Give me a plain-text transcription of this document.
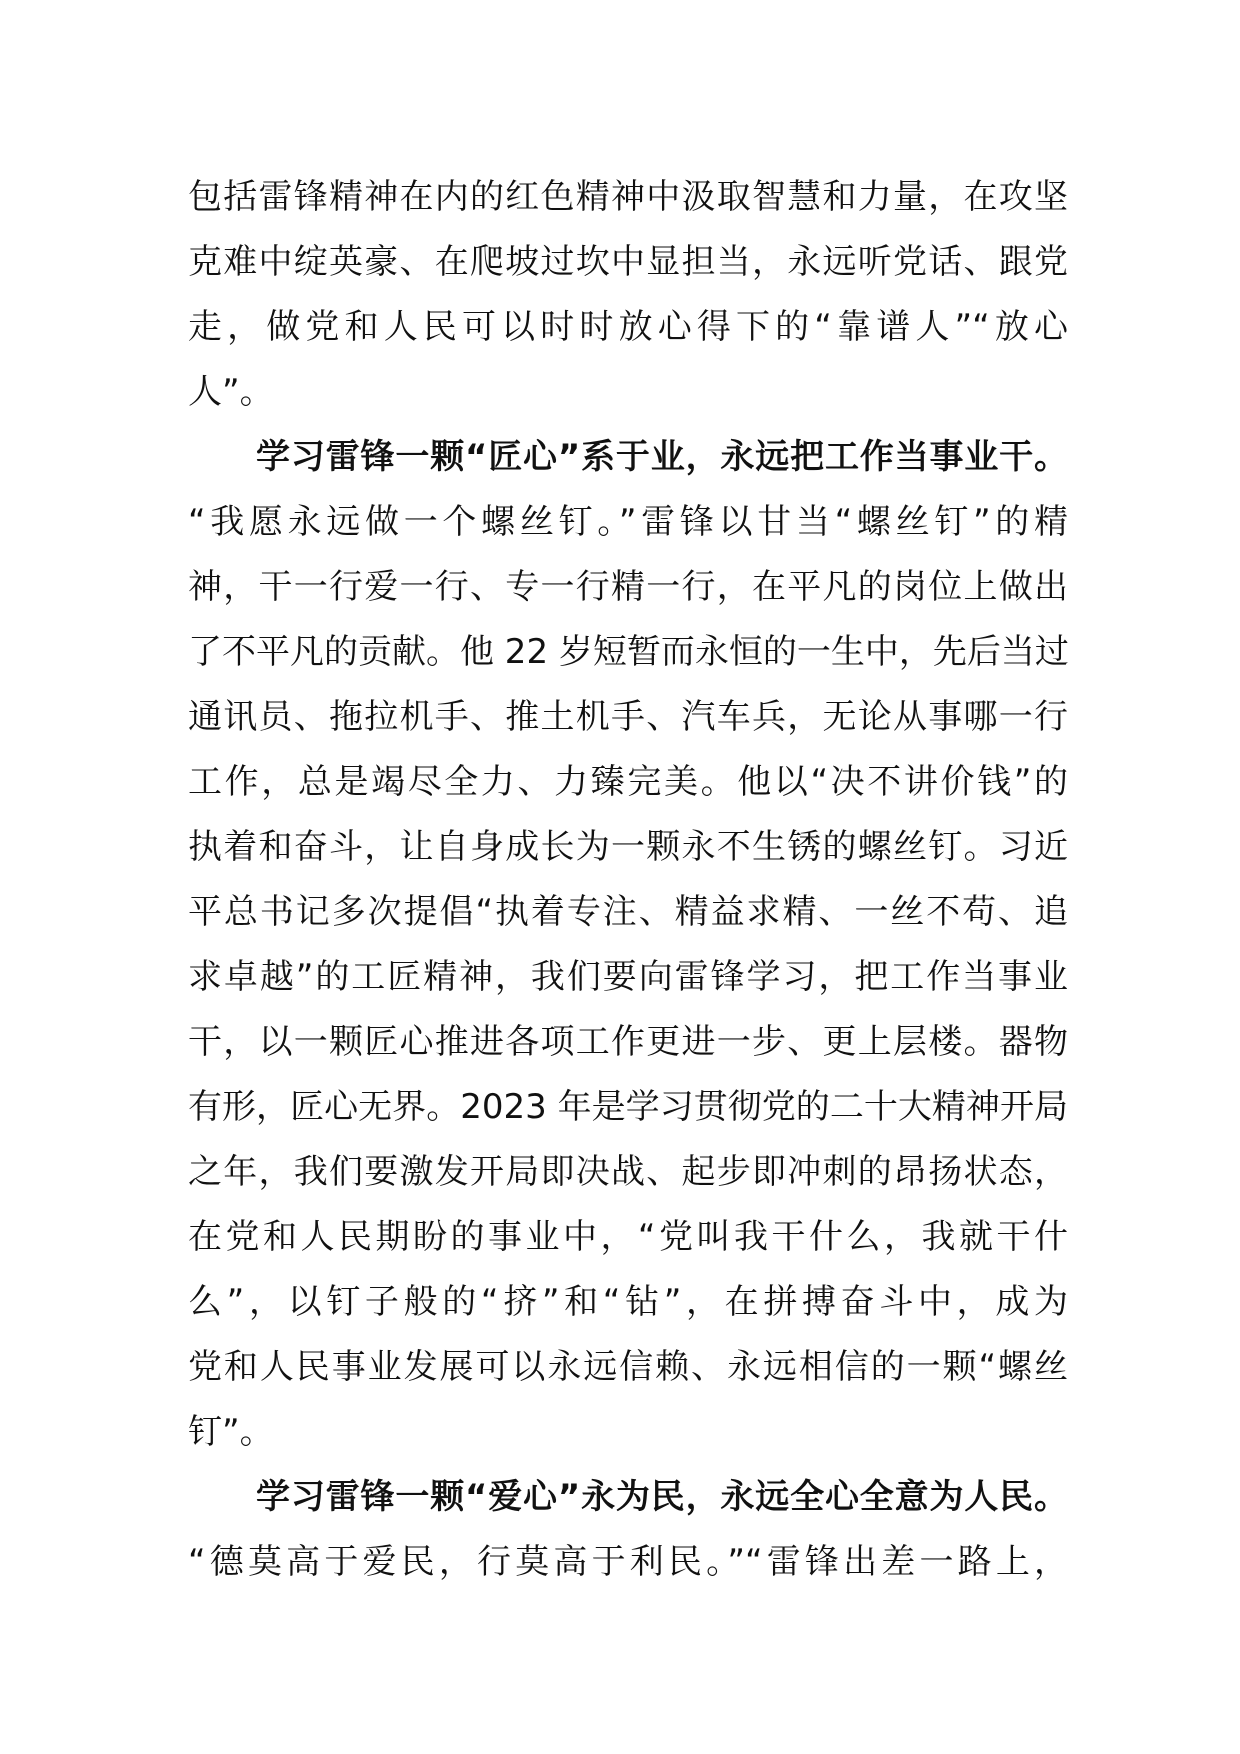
包括雷锋精神在内的红色精神中汲取智慧和力量，在攻坚
克难中绽英豪、在爬坡过坎中显担当，永远听党话、跟党
走，做党和人民可以时时放心得下的“靠谱人”“放心
人”。
学习雷锋一颗“匠心”系于业，永远把工作当事业干。
“我愿永远做一个螺丝钉。”雷锋以甘当“螺丝钉”的精
神，干一行爱一行、专一行精一行，在平凡的岗位上做出
了不平凡的贡献。他 22 岁短暂而永恒的一生中，先后当过
通讯员、拖拉机手、推土机手、汽车兵，无论从事哪一行
工作，总是竭尽全力、力臻完美。他以“决不讲价钱”的
执着和奋斗，让自身成长为一颗永不生锈的螺丝钉。习近
平总书记多次提倡“执着专注、精益求精、一丝不苟、追
求卓越”的工匠精神，我们要向雷锋学习，把工作当事业
干，以一颗匠心推进各项工作更进一步、更上层楼。器物
有形，匠心无界。2023 年是学习贯彻党的二十大精神开局
之年，我们要激发开局即决战、起步即冲刺的昂扬状态，
在党和人民期盼的事业中，“党叫我干什么，我就干什
么”，以钉子般的“挤”和“钻”，在拼搏奋斗中，成为
党和人民事业发展可以永远信赖、永远相信的一颗“螺丝
钉”。
学习雷锋一颗“爱心”永为民，永远全心全意为人民。
“德莫高于爱民，行莫高于利民。”“雷锋出差一路上，
